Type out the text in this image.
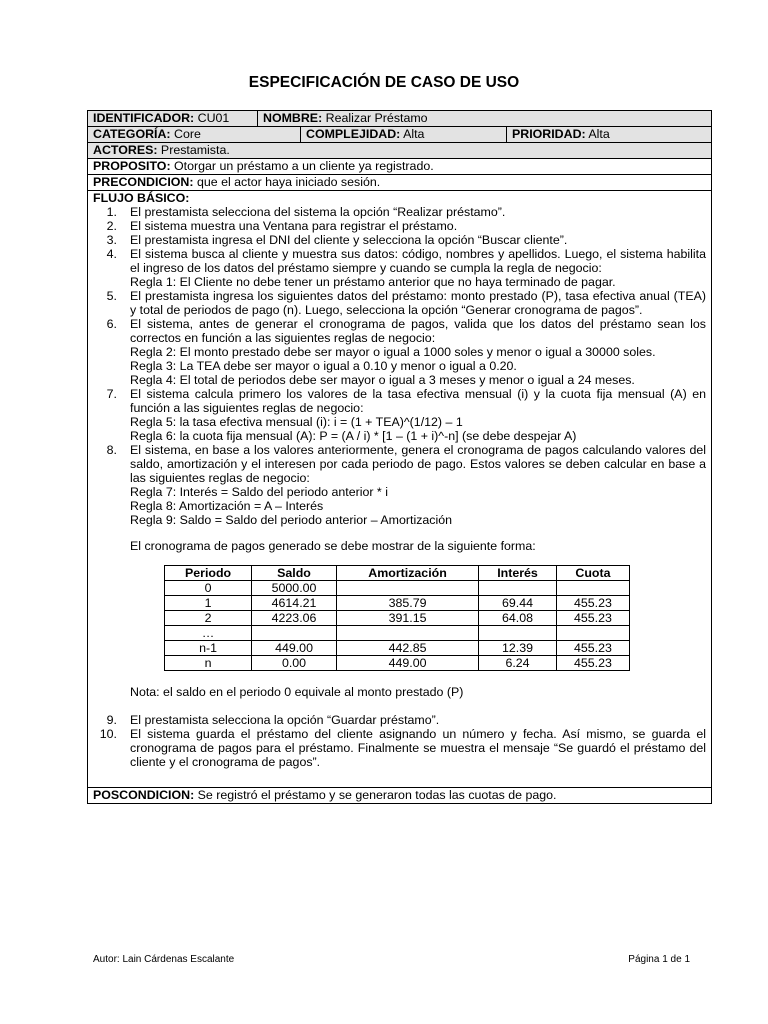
ESPECIFICACIÓN DE CASO DE USO
IDENTIFICADOR: CU01	NOMBRE: Realizar Préstamo
CATEGORÍA: Core	COMPLEJIDAD: Alta	PRIORIDAD: Alta
ACTORES: Prestamista.
PROPOSITO: Otorgar un préstamo a un cliente ya registrado.
PRECONDICION: que el actor haya iniciado sesión.

FLUJO BÁSICO:
1. El prestamista selecciona del sistema la opción “Realizar préstamo”.
2. El sistema muestra una Ventana para registrar el préstamo.
3. El prestamista ingresa el DNI del cliente y selecciona la opción “Buscar cliente”.
4. El sistema busca al cliente y muestra sus datos: código, nombres y apellidos. Luego, el sistema habilita el ingreso de los datos del préstamo siempre y cuando se cumpla la regla de negocio:
Regla 1: El Cliente no debe tener un préstamo anterior que no haya terminado de pagar.
5. El prestamista ingresa los siguientes datos del préstamo: monto prestado (P), tasa efectiva anual (TEA) y total de periodos de pago (n). Luego, selecciona la opción “Generar cronograma de pagos”.
6. El sistema, antes de generar el cronograma de pagos, valida que los datos del préstamo sean los correctos en función a las siguientes reglas de negocio:
Regla 2: El monto prestado debe ser mayor o igual a 1000 soles y menor o igual a 30000 soles.
Regla 3: La TEA debe ser mayor o igual a 0.10 y menor o igual a 0.20.
Regla 4: El total de periodos debe ser mayor o igual a 3 meses y menor o igual a 24 meses.
7. El sistema calcula primero los valores de la tasa efectiva mensual (i) y la cuota fija mensual (A) en función a las siguientes reglas de negocio:
Regla 5: la tasa efectiva mensual (i): i = (1 + TEA)^(1/12) – 1
Regla 6: la cuota fija mensual (A): P = (A / i) * [1 – (1 + i)^-n] (se debe despejar A)
8. El sistema, en base a los valores anteriormente, genera el cronograma de pagos calculando valores del saldo, amortización y el interesen por cada periodo de pago. Estos valores se deben calcular en base a las siguientes reglas de negocio:
Regla 7: Interés = Saldo del periodo anterior * i
Regla 8: Amortización = A – Interés
Regla 9: Saldo = Saldo del periodo anterior – Amortización
El cronograma de pagos generado se debe mostrar de la siguiente forma:
Periodo	Saldo	Amortización	Interés	Cuota
0	5000.00			
1	4614.21	385.79	69.44	455.23
2	4223.06	391.15	64.08	455.23
…				
n-1	449.00	442.85	12.39	455.23
n	0.00	449.00	6.24	455.23
Nota: el saldo en el periodo 0 equivale al monto prestado (P)
9. El prestamista selecciona la opción “Guardar préstamo”.
10. El sistema guarda el préstamo del cliente asignando un número y fecha. Así mismo, se guarda el cronograma de pagos para el préstamo. Finalmente se muestra el mensaje “Se guardó el préstamo del cliente y el cronograma de pagos”.

POSCONDICION: Se registró el préstamo y se generaron todas las cuotas de pago.
Autor: Lain Cárdenas Escalante	Página 1 de 1
